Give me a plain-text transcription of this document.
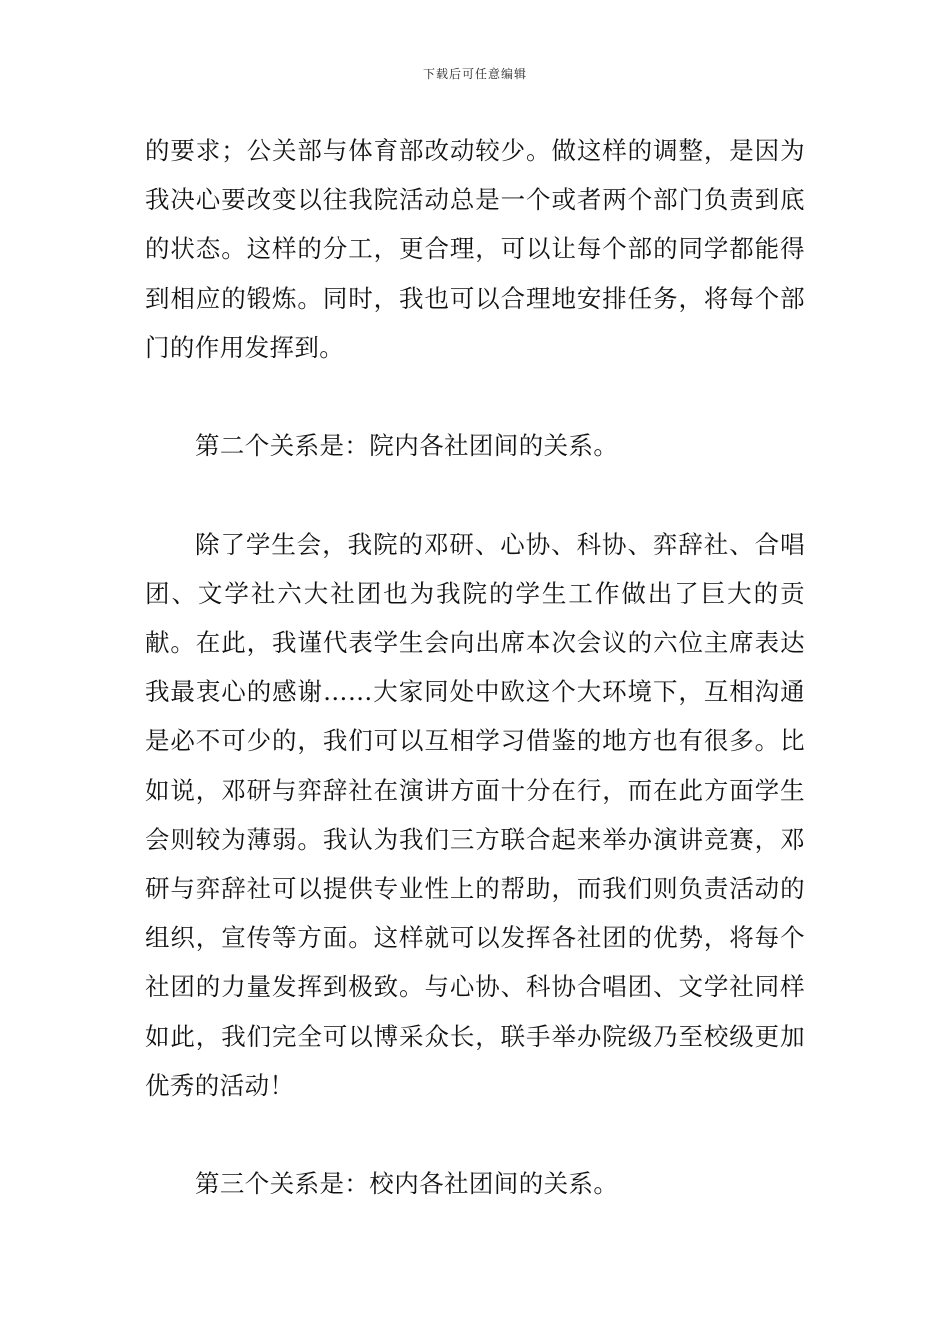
下载后可任意编辑

的要求；公关部与体育部改动较少。做这样的调整，是因为我决心要改变以往我院活动总是一个或者两个部门负责到底的状态。这样的分工，更合理，可以让每个部的同学都能得到相应的锻炼。同时，我也可以合理地安排任务，将每个部门的作用发挥到。

第二个关系是：院内各社团间的关系。

除了学生会，我院的邓研、心协、科协、弈辞社、合唱团、文学社六大社团也为我院的学生工作做出了巨大的贡献。在此，我谨代表学生会向出席本次会议的六位主席表达我最衷心的感谢……大家同处中欧这个大环境下，互相沟通是必不可少的，我们可以互相学习借鉴的地方也有很多。比如说，邓研与弈辞社在演讲方面十分在行，而在此方面学生会则较为薄弱。我认为我们三方联合起来举办演讲竞赛，邓研与弈辞社可以提供专业性上的帮助，而我们则负责活动的组织，宣传等方面。这样就可以发挥各社团的优势，将每个社团的力量发挥到极致。与心协、科协合唱团、文学社同样如此，我们完全可以博采众长，联手举办院级乃至校级更加优秀的活动！

第三个关系是：校内各社团间的关系。
